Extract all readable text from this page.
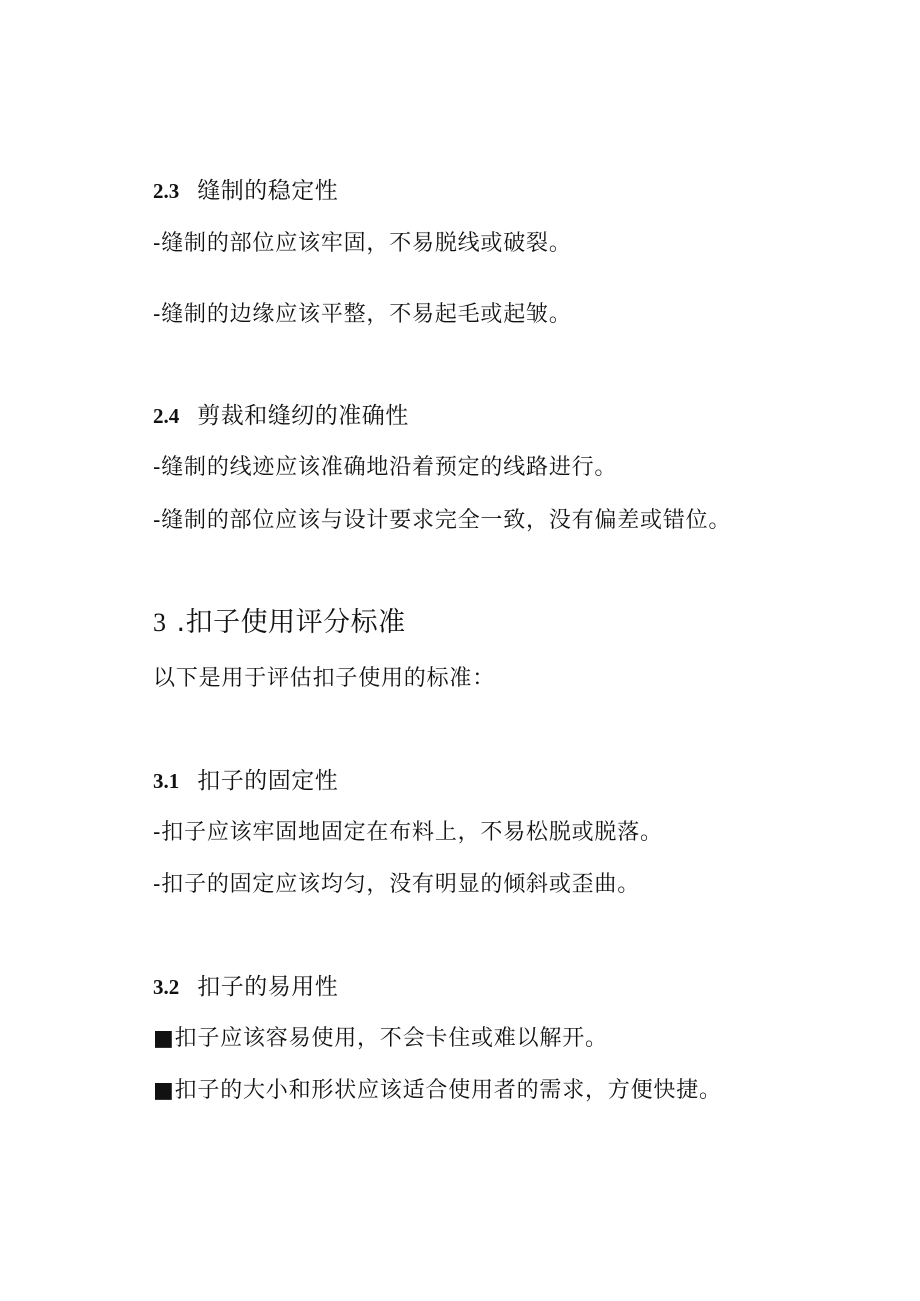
2.3 缝制的稳定性
-缝制的部位应该牢固，不易脱线或破裂。
-缝制的边缘应该平整，不易起毛或起皱。
2.4 剪裁和缝纫的准确性
-缝制的线迹应该准确地沿着预定的线路进行。
-缝制的部位应该与设计要求完全一致，没有偏差或错位。
3 .扣子使用评分标准
以下是用于评估扣子使用的标准：
3.1 扣子的固定性
-扣子应该牢固地固定在布料上，不易松脱或脱落。
-扣子的固定应该均匀，没有明显的倾斜或歪曲。
3.2 扣子的易用性
■扣子应该容易使用，不会卡住或难以解开。
■扣子的大小和形状应该适合使用者的需求，方便快捷。
